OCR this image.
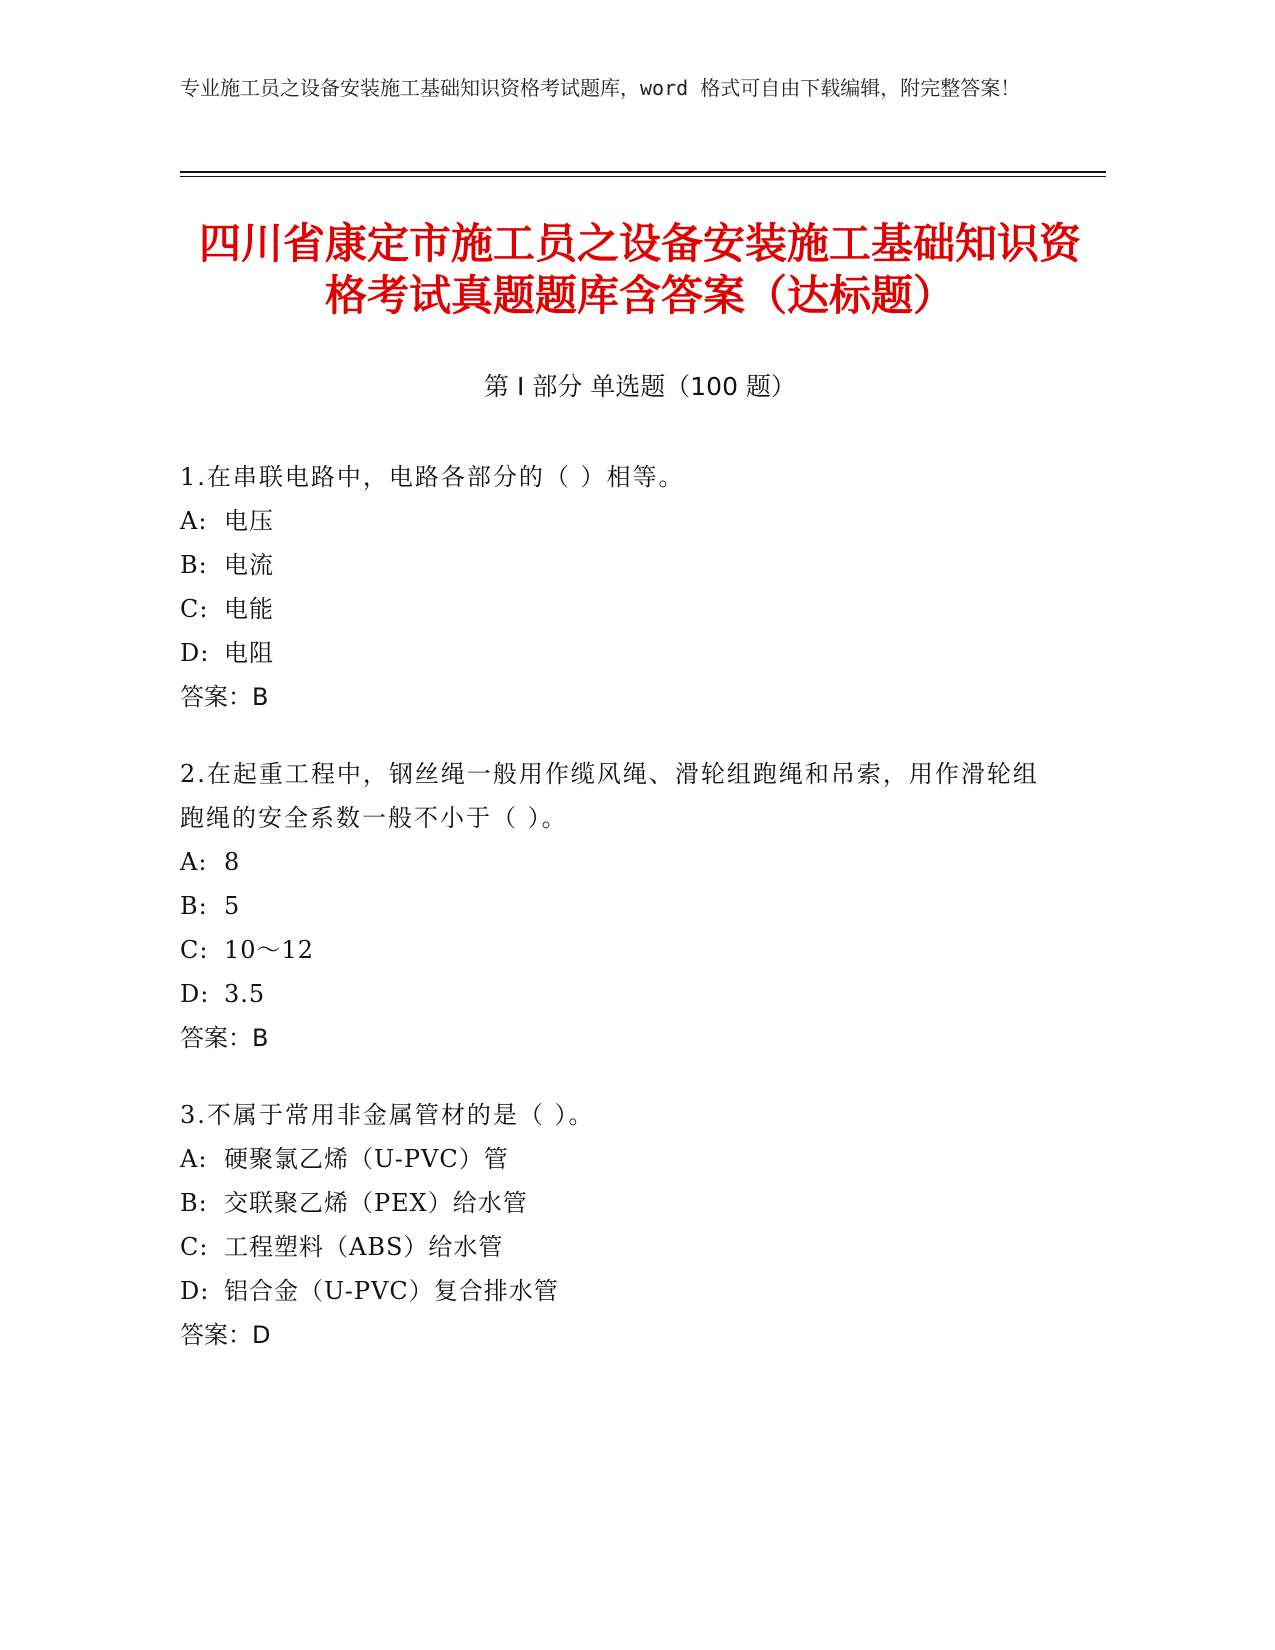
专业施工员之设备安装施工基础知识资格考试题库，word 格式可自由下载编辑，附完整答案！
四川省康定市施工员之设备安装施工基础知识资格考试真题题库含答案（达标题）
第 I 部分 单选题（100 题）
1.在串联电路中，电路各部分的（ ）相等。
A: 电压
B: 电流
C: 电能
D: 电阻
答案：B
2.在起重工程中，钢丝绳一般用作缆风绳、滑轮组跑绳和吊索，用作滑轮组跑绳的安全系数一般不小于（ ）。
A: 8
B: 5
C: 10～12
D: 3.5
答案：B
3.不属于常用非金属管材的是（ ）。
A: 硬聚氯乙烯（U-PVC）管
B: 交联聚乙烯（PEX）给水管
C: 工程塑料（ABS）给水管
D: 铝合金（U-PVC）复合排水管
答案：D
